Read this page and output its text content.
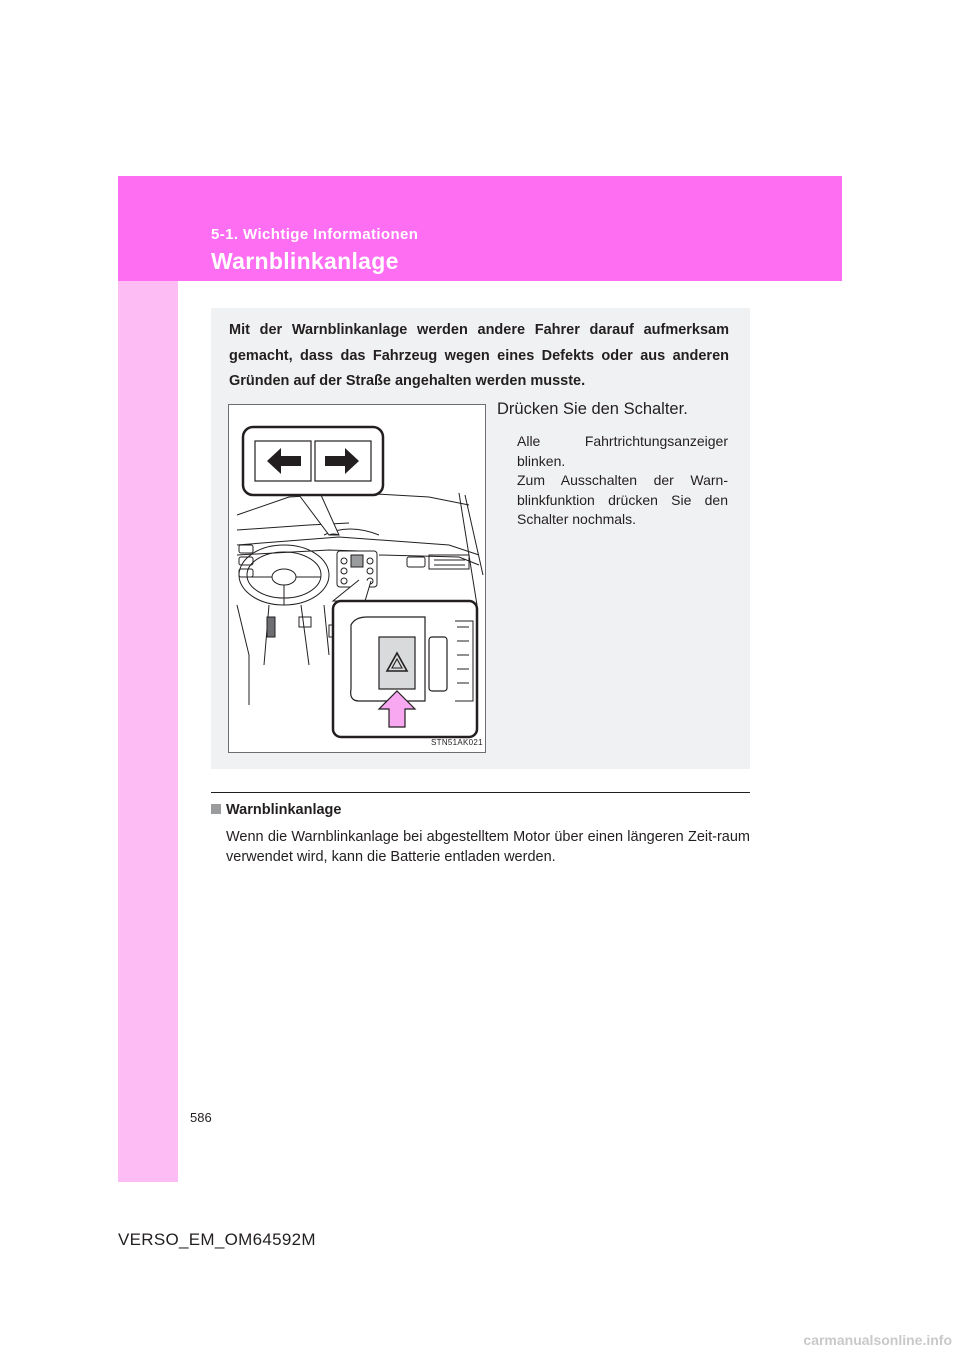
5-1. Wichtige Informationen
Warnblinkanlage
Mit der Warnblinkanlage werden andere Fahrer darauf aufmerksam gemacht, dass das Fahrzeug wegen eines Defekts oder aus anderen Gründen auf der Straße angehalten werden musste.
STN51AK021
Drücken Sie den Schalter.

Alle Fahrtrichtungsanzeiger blinken.

Zum Ausschalten der Warn-blinkfunktion drücken Sie den Schalter nochmals.

Warnblinkanlage
Wenn die Warnblinkanlage bei abgestelltem Motor über einen längeren Zeit-raum verwendet wird, kann die Batterie entladen werden.
586
VERSO_EM_OM64592M
carmanualsonline.info
